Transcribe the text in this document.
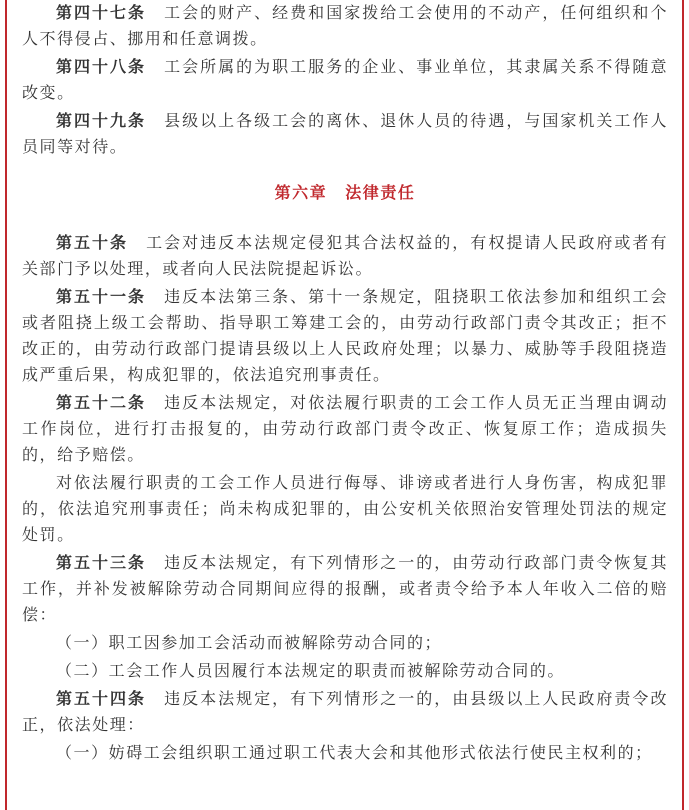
第四十七条 工会的财产、经费和国家拨给工会使用的不动产，任何组织和个人不得侵占、挪用和任意调拨。

第四十八条 工会所属的为职工服务的企业、事业单位，其隶属关系不得随意改变。

第四十九条 县级以上各级工会的离休、退休人员的待遇，与国家机关工作人员同等对待。

第六章 法律责任

第五十条 工会对违反本法规定侵犯其合法权益的，有权提请人民政府或者有关部门予以处理，或者向人民法院提起诉讼。

第五十一条 违反本法第三条、第十一条规定，阻挠职工依法参加和组织工会或者阻挠上级工会帮助、指导职工筹建工会的，由劳动行政部门责令其改正；拒不改正的，由劳动行政部门提请县级以上人民政府处理；以暴力、威胁等手段阻挠造成严重后果，构成犯罪的，依法追究刑事责任。

第五十二条 违反本法规定，对依法履行职责的工会工作人员无正当理由调动工作岗位，进行打击报复的，由劳动行政部门责令改正、恢复原工作；造成损失的，给予赔偿。

对依法履行职责的工会工作人员进行侮辱、诽谤或者进行人身伤害，构成犯罪的，依法追究刑事责任；尚未构成犯罪的，由公安机关依照治安管理处罚法的规定处罚。

第五十三条 违反本法规定，有下列情形之一的，由劳动行政部门责令恢复其工作，并补发被解除劳动合同期间应得的报酬，或者责令给予本人年收入二倍的赔偿：

（一）职工因参加工会活动而被解除劳动合同的；

（二）工会工作人员因履行本法规定的职责而被解除劳动合同的。

第五十四条 违反本法规定，有下列情形之一的，由县级以上人民政府责令改正，依法处理：

（一）妨碍工会组织职工通过职工代表大会和其他形式依法行使民主权利的；
